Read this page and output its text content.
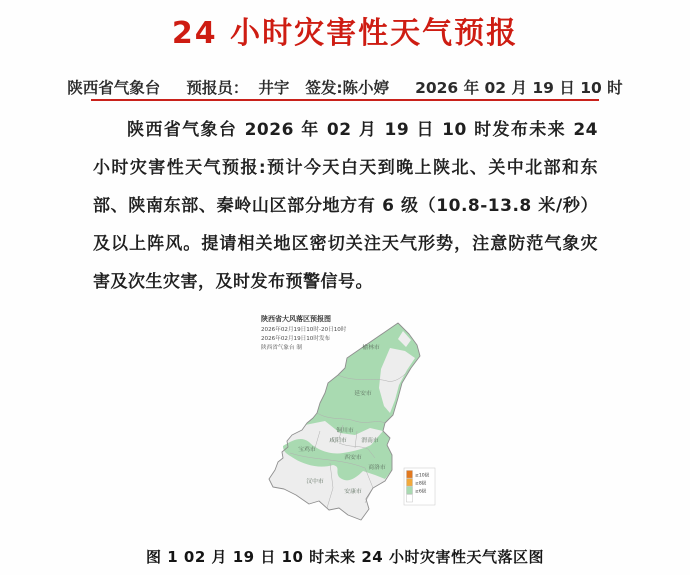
24 小时灾害性天气预报
陕西省气象台 预报员： 井宇 签发: 陈小婷 2026 年 02 月 19 日 10 时
陕西省气象台 2026 年 02 月 19 日 10 时发布未来 24 小时灾害性天气预报:预计今天白天到晚上陕北、关中北部和东部、陕南东部、秦岭山区部分地方有 6 级（10.8-13.8 米/秒）及以上阵风。提请相关地区密切关注天气形势，注意防范气象灾害及次生灾害，及时发布预警信号。
陕西省大风落区预报图
2026年02月19日10时-20日10时
2026年02月19日10时发布
陕西省气象台 制	榆林市
延安市
铜川市
咸阳市	渭南市
宝鸡市
西安市
商洛市
汉中市
安康市
≥10级
≥8级
≥6级
图 1 02 月 19 日 10 时未来 24 小时灾害性天气落区图
